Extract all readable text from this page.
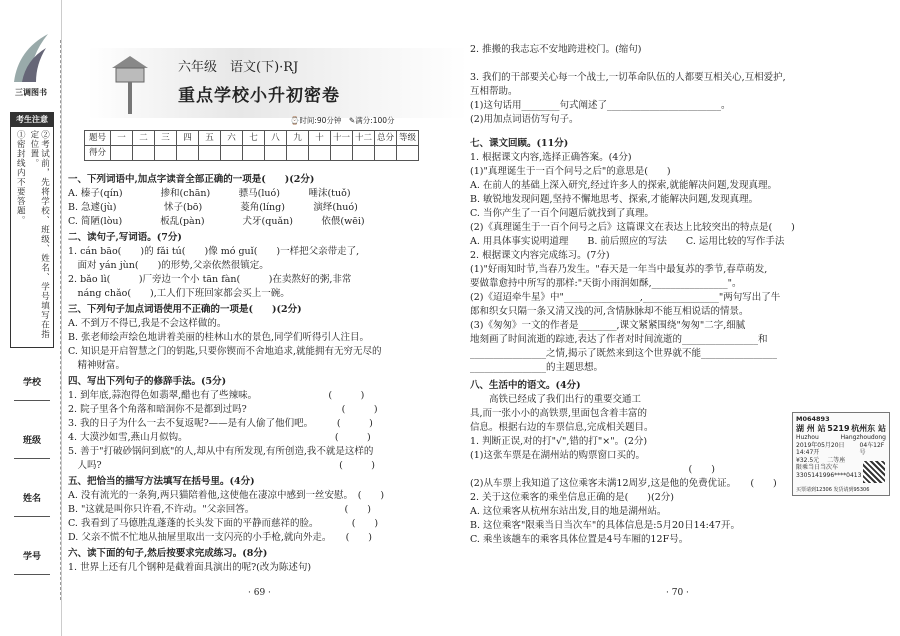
三调图书
考生注意
①密封线内不要答题。	②考试前，先将学校、班级、姓名、学号填写在指定位置。
学校
班级
姓名
学号
六年级　语文(下)·RJ
重点学校小升初密卷
⌚时间:90分钟　✎满分:100分
题号	一	二	三	四	五	六	七	八	九	十	十一	十二	总分	等级
得分														
一、下列词语中,加点字读音全部正确的一项是(　　)(2分)
A. 榛子(qín)　　　　掺和(chān)　　　骠马(luó)　　　唾沫(tuǒ)
B. 急遽(jù)　　　　　怵子(bō)　　　　菱角(líng)　　　演绎(huó)
C. 简陋(lòu)　　　　板乱(pàn)　　　　犬牙(quǎn)　　　依偎(wēi)
二、读句子,写词语。(7分)
1. cán bāo(　　)的 fǎi tú(　　)像 mó guǐ(　　)一样把父亲带走了,
　面对 yán jùn(　　)的形势,父亲依然很镇定。
2. bǎo lì(　　　)厂旁边一个小 tān fàn(　　　)在卖熬好的粥,非常
　náng chǎo(　　),工人们下班回家都会买上一碗。
三、下列句子加点词语使用不正确的一项是(　　)(2分)
A. 不到万不得已,我是不会这样做的。
B. 张老师绘声绘色地讲着美丽的桂林山水的景色,同学们听得引人注目。
C. 知识是开启智慧之门的钥匙,只要你锲而不舍地追求,就能拥有无穷无尽的
　精神财富。
四、写出下列句子的修辞手法。(5分)
1. 到年底,蒜泡得色如翡翠,醋也有了些辣味。　　　　　　　　(　　　)
2. 院子里各个角落和暗洞你不是都到过吗?　　　　　　　　　　(　　　)
3. 我的日子为什么一去不复返呢?——是有人偷了他们吧。　　　(　　　)
4. 大漠沙如雪,燕山月似钩。　　　　　　　　　　　　　　　　(　　　)
5. 善于"打破砂锅问到底"的人,却从中有所发现,有所创造,我不就是这样的
　人吗?　　　　　　　　　　　　　　　　　　　　　　　　　(　　　)
五、把恰当的描写方法填写在括号里。(4分)
A. 没有流光的一条狗,两只猫陪着他,这使他在凄凉中感到一丝安慰。　(　　)
B. "这就是叫你只许看,不许动。"父亲回答。　　　　　　　　　　(　　)
C. 我看到了马德胜乱蓬蓬的长头发下面的平静而慈祥的脸。　　　　(　　)
D. 父亲不慌不忙地从抽屉里取出一支闪亮的小手枪,就向外走。　　(　　)
六、读下面的句子,然后按要求完成练习。(8分)
1. 世界上还有几个钢种是截着面具演出的呢?(改为陈述句)
· 69 ·
2. 推搬的我志忘不安地跨进校门。(缩句)
3. 我们的干部要关心每一个战士,一切革命队伍的人都要互相关心,互相爱护,
互相帮助。
(1)这句话用________句式阐述了________________________。
(2)用加点词语仿写句子。
七、课文回顾。(11分)
1. 根据课文内容,选择正确答案。(4分)
(1)"真理诞生于一百个问号之后"的意思是(　　)
A. 在前人的基础上深入研究,经过许多人的探索,就能解决问题,发现真理。
B. 敏锐地发现问题,坚持不懈地思考、探索,才能解决问题,发现真理。
C. 当你产生了一百个问题后就找到了真理。
(2)《真理诞生于一百个问号之后》这篇课文在表达上比较突出的特点是(　　)
A. 用具体事实说明道理　　B. 前后照应的写法　　C. 运用比较的写作手法
2. 根据课文内容完成练习。(7分)
(1)"好雨知时节,当春乃发生。"春天是一年当中最复苏的季节,春草萌发,
要做靠愈持中所写的那样:"天街小雨润如酥,________________"。
(2)《迢迢牵牛星》中"________________,________________"两句写出了牛
郎和织女只隔一条又清又浅的河,含情脉脉却不能互相说话的情景。
(3)《匆匆》一文的作者是________,课文紧紧围绕"匆匆"二字,细腻
地刻画了时间流逝的踪迹,表达了作者对时间流逝的________________和
________________之情,揭示了既然来到这个世界就不能________________
________________的主题思想。
八、生活中的语文。(4分)
　　高铁已经成了我们出行的重要交通工
具,而一张小小的高铁票,里面包含着丰富的
信息。根据右边的车票信息,完成相关题目。
1. 判断正误,对的打"√",错的打"×"。(2分)
(1)这张车票是在湖州站的购票窗口买的。
　　　　　　　　　　　　　　　　　　　　　　　(　　)
(2)从车票上我知道了这位乘客未满12周岁,这是他的免费优证。　　(　　)
2. 关于这位乘客的乘坐信息正确的是(　　)(2分)
A. 这位乘客从杭州东站出发,目的地是湖州站。
B. 这位乘客"限乘当日当次车"的具体信息是:5月20日14:47开。
C. 乘坐该趟车的乘客具体位置是4号车厢的12F号。
M064893
湖 州 站 5219 杭州东 站
Huzhou	Hangzhoudong
2019年05月20日 14:47开
04车12F号
¥32.5元 二等座
限乘当日当次车
3305141996****0413
买票请到12306 发货请到95306
· 70 ·
